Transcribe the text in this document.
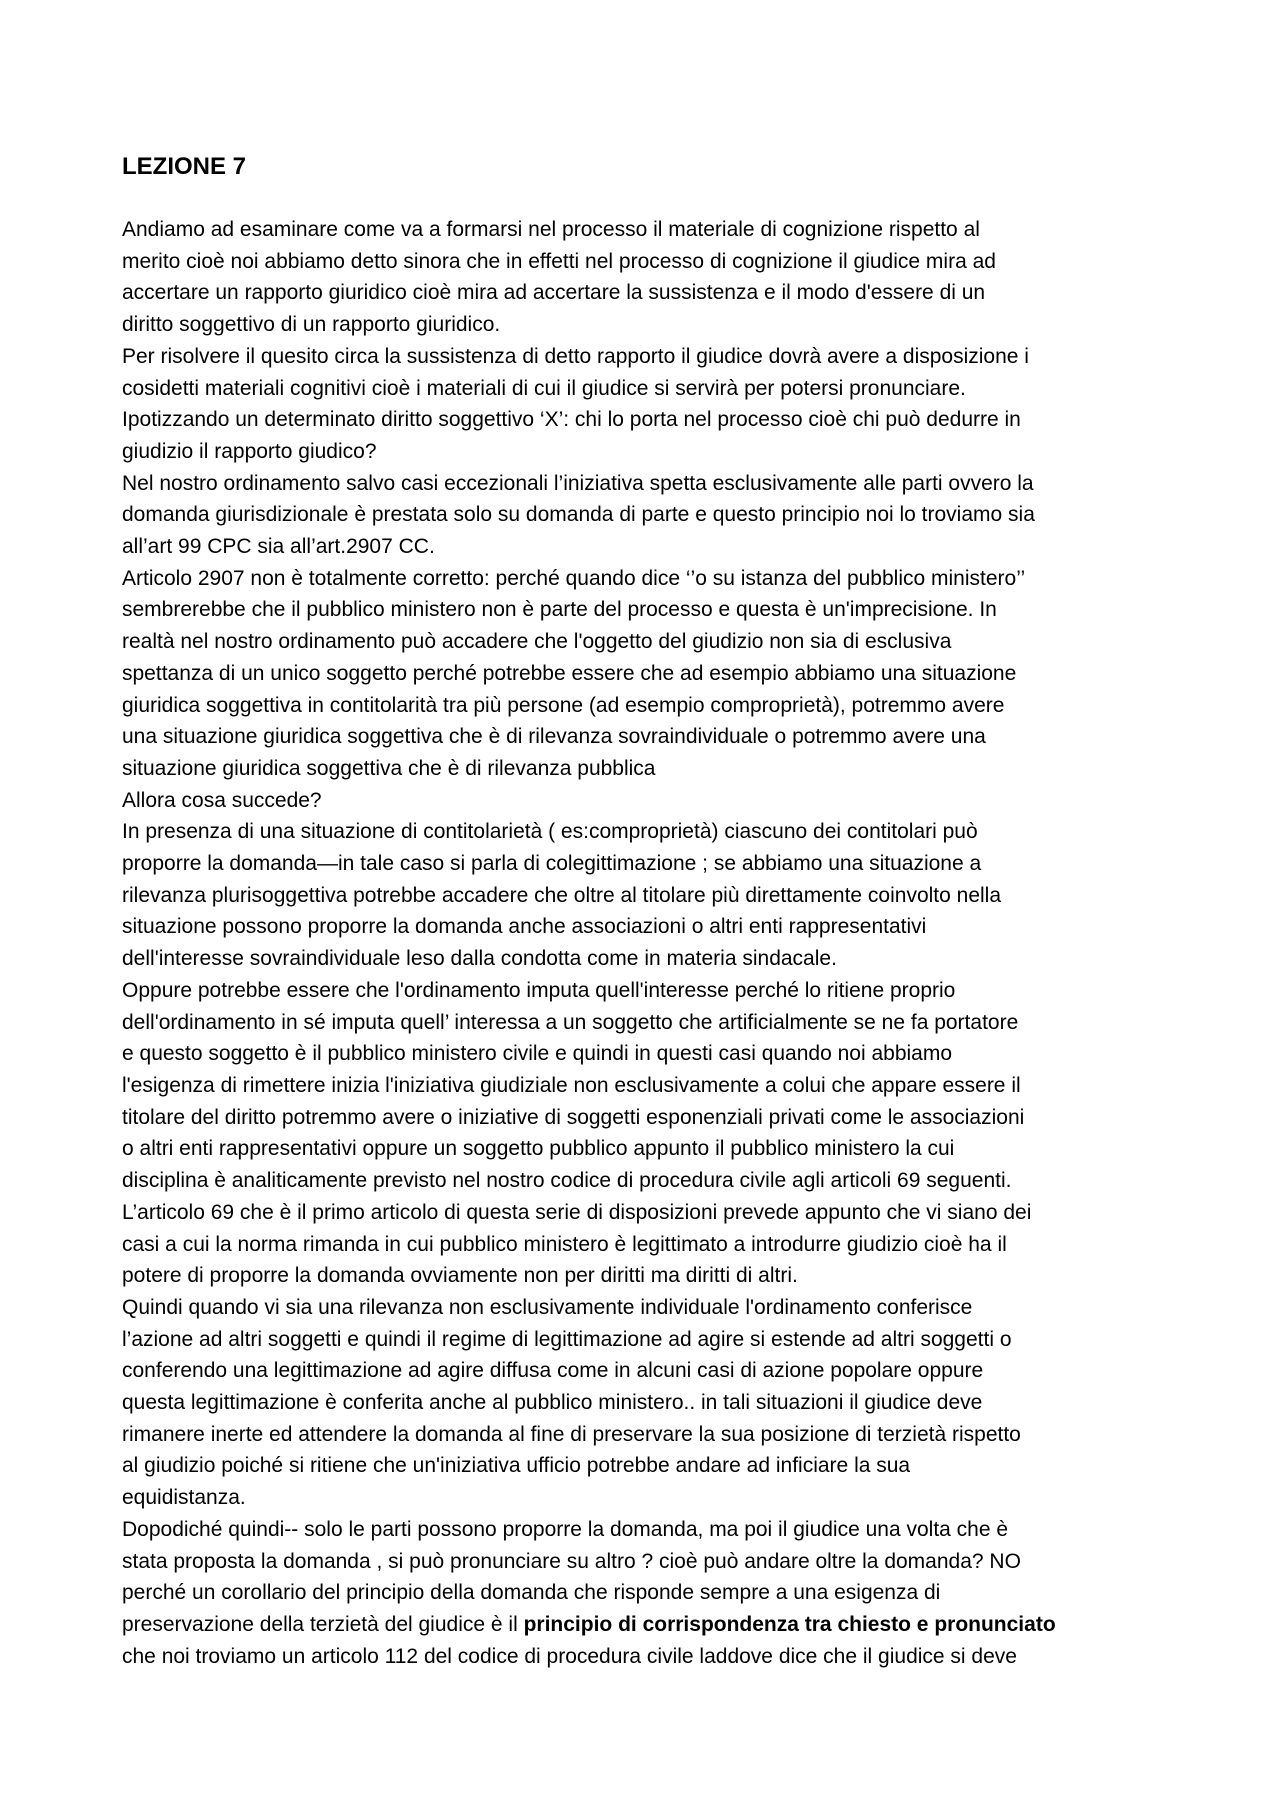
LEZIONE 7
Andiamo ad esaminare come va a formarsi nel processo il materiale di cognizione rispetto al
merito cioè noi abbiamo detto sinora che in effetti nel processo di cognizione il giudice mira ad
accertare un rapporto giuridico cioè mira ad accertare la sussistenza e il modo d'essere di un
diritto soggettivo di un rapporto giuridico.
Per risolvere il quesito circa la sussistenza di detto rapporto il giudice dovrà avere a disposizione i
cosidetti materiali cognitivi cioè i materiali di cui il giudice si servirà per potersi pronunciare.
Ipotizzando un determinato diritto soggettivo ‘X’: chi lo porta nel processo cioè chi può dedurre in
giudizio il rapporto giudico?
Nel nostro ordinamento salvo casi eccezionali l’iniziativa spetta esclusivamente alle parti ovvero la
domanda giurisdizionale è prestata solo su domanda di parte e questo principio noi lo troviamo sia
all’art 99 CPC sia all’art.2907 CC.
Articolo 2907 non è totalmente corretto: perché quando dice ‘’o su istanza del pubblico ministero’’
sembrerebbe che il pubblico ministero non è parte del processo e questa è un'imprecisione. In
realtà nel nostro ordinamento può accadere che l'oggetto del giudizio non sia di esclusiva
spettanza di un unico soggetto perché potrebbe essere che ad esempio abbiamo una situazione
giuridica soggettiva in contitolarità tra più persone (ad esempio comproprietà), potremmo avere
una situazione giuridica soggettiva che è di rilevanza sovraindividuale o potremmo avere una
situazione giuridica soggettiva che è di rilevanza pubblica
Allora cosa succede?
In presenza di una situazione di contitolarietà ( es:comproprietà) ciascuno dei contitolari può
proporre la domanda—in tale caso si parla di colegittimazione ; se abbiamo una situazione a
rilevanza plurisoggettiva potrebbe accadere che oltre al titolare più direttamente coinvolto nella
situazione possono proporre la domanda anche associazioni o altri enti rappresentativi
dell'interesse sovraindividuale leso dalla condotta come in materia sindacale.
Oppure potrebbe essere che l'ordinamento imputa quell'interesse perché lo ritiene proprio
dell'ordinamento in sé imputa quell’ interessa a un soggetto che artificialmente se ne fa portatore
e questo soggetto è il pubblico ministero civile e quindi in questi casi quando noi abbiamo
l'esigenza di rimettere inizia l'iniziativa giudiziale non esclusivamente a colui che appare essere il
titolare del diritto potremmo avere o iniziative di soggetti esponenziali privati come le associazioni
o altri enti rappresentativi oppure un soggetto pubblico appunto il pubblico ministero la cui
disciplina è analiticamente previsto nel nostro codice di procedura civile agli articoli 69 seguenti.
L’articolo 69 che è il primo articolo di questa serie di disposizioni prevede appunto che vi siano dei
casi a cui la norma rimanda in cui pubblico ministero è legittimato a introdurre giudizio cioè ha il
potere di proporre la domanda ovviamente non per diritti ma diritti di altri.
Quindi quando vi sia una rilevanza non esclusivamente individuale l'ordinamento conferisce
l’azione ad altri soggetti e quindi il regime di legittimazione ad agire si estende ad altri soggetti o
conferendo una legittimazione ad agire diffusa come in alcuni casi di azione popolare oppure
questa legittimazione è conferita anche al pubblico ministero.. in tali situazioni il giudice deve
rimanere inerte ed attendere la domanda al fine di preservare la sua posizione di terzietà rispetto
al giudizio poiché si ritiene che un'iniziativa ufficio potrebbe andare ad inficiare la sua
equidistanza.
Dopodiché quindi-- solo le parti possono proporre la domanda, ma poi il giudice una volta che è
stata proposta la domanda , si può pronunciare su altro ? cioè può andare oltre la domanda? NO
perché un corollario del principio della domanda che risponde sempre a una esigenza di
preservazione della terzietà del giudice è il principio di corrispondenza tra chiesto e pronunciato
che noi troviamo un articolo 112 del codice di procedura civile laddove dice che il giudice si deve
